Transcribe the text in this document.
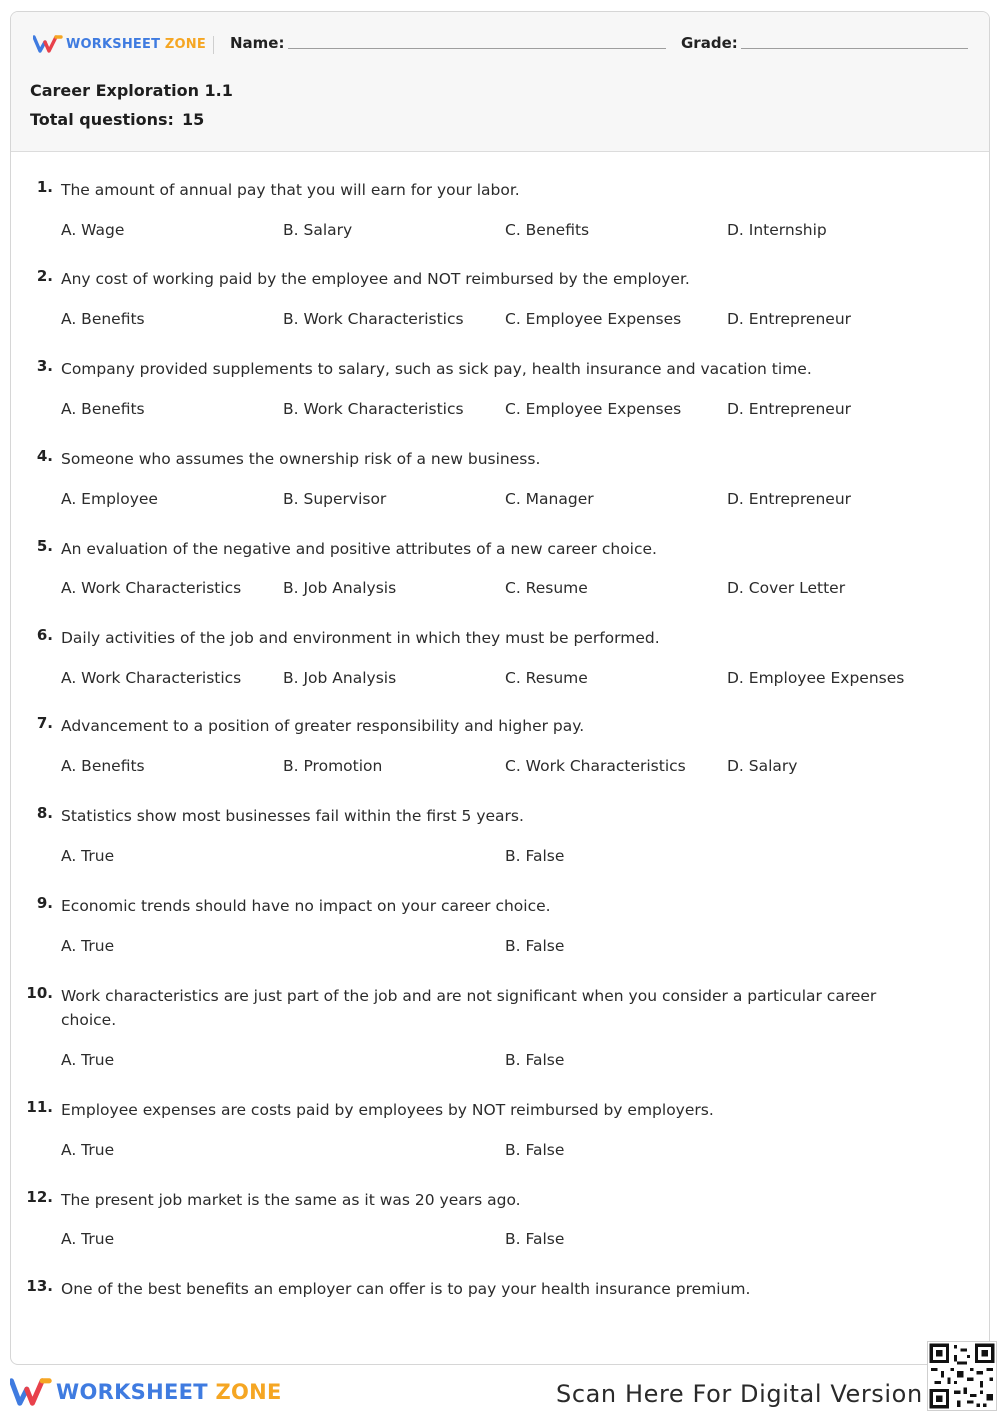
WORKSHEET ZONE Name:	Grade:
Career Exploration 1.1
Total questions: 15
1. The amount of annual pay that you will earn for your labor.
A. Wage	B. Salary	C. Benefits	D. Internship
2. Any cost of working paid by the employee and NOT reimbursed by the employer.
A. Benefits	B. Work Characteristics	C. Employee Expenses	D. Entrepreneur
3. Company provided supplements to salary, such as sick pay, health insurance and vacation time.
A. Benefits	B. Work Characteristics	C. Employee Expenses	D. Entrepreneur
4. Someone who assumes the ownership risk of a new business.
A. Employee	B. Supervisor	C. Manager	D. Entrepreneur
5. An evaluation of the negative and positive attributes of a new career choice.
A. Work Characteristics	B. Job Analysis	C. Resume	D. Cover Letter
6. Daily activities of the job and environment in which they must be performed.
A. Work Characteristics	B. Job Analysis	C. Resume	D. Employee Expenses
7. Advancement to a position of greater responsibility and higher pay.
A. Benefits	B. Promotion	C. Work Characteristics	D. Salary
8. Statistics show most businesses fail within the first 5 years.
A. True	B. False
9. Economic trends should have no impact on your career choice.
A. True	B. False
10. Work characteristics are just part of the job and are not significant when you consider a particular career choice.
A. True	B. False
11. Employee expenses are costs paid by employees by NOT reimbursed by employers.
A. True	B. False
12. The present job market is the same as it was 20 years ago.
A. True	B. False
13. One of the best benefits an employer can offer is to pay your health insurance premium.
WORKSHEET ZONE	Scan Here For Digital Version
